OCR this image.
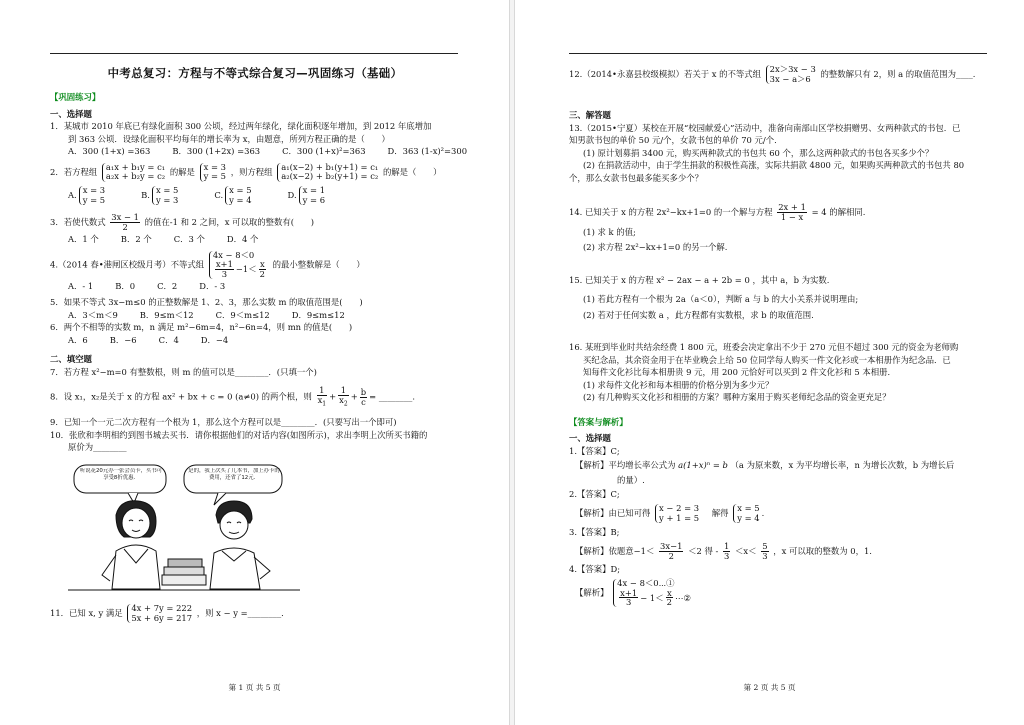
中考总复习：方程与不等式综合复习—巩固练习（基础）
【巩固练习】
一、选择题
1．某城市 2010 年底已有绿化面积 300 公顷，经过两年绿化，绿化面积逐年增加，到 2012 年底增加
到 363 公顷．设绿化面积平均每年的增长率为 x，由题意，所列方程正确的是（　　）
A．300 (1+x) =363	B．300 (1+2x) =363	C．300 (1+x)²=363	D．363 (1-x)²=300
2．若方程组
a₁x + b₁y = c₁
a₂x + b₂y = c₂ 的解是
x = 3
y = 5 ，则方程组
a₁(x−2) + b₁(y+1) = c₁
a₂(x−2) + b₂(y+1) = c₂ 的解是（　　）
A.
x = 3
y = 5	B.
x = 5
y = 3	C.
x = 5
y = 4	D.
x = 1
y = 6
3．若使代数式 $\frac{3x - 1}{2}$ 的值在-1 和 2 之间，x 可以取的整数有(　　)
A．1 个	B．2 个	C．3 个	D．4 个
4.（2014 春•港闸区校级月考）不等式组
4x − 8＜0
$\frac{x+1}{3} -1< \frac{x}{2}$ 的最小整数解是（　　）
A．- 1	B．0	C．2	D．- 3
5．如果不等式 3x−m≤0 的正整数解是 1、2、3，那么实数 m 的取值范围是(　　)
A．3＜m＜9	B．9≤m＜12	C．9＜m≤12	D．9≤m≤12
6．两个不相等的实数 m，n 满足 m²−6m=4，n²−6n=4，则 mn 的值是(　　)
A．6	B．−6	C．4	D．−4
二、填空题
7．若方程 x²−m=0 有整数根，则 m 的值可以是________．(只填一个)
8．设 x₁，x₂是关于 x 的方程 ax² + bx + c = 0 (a≠0) 的两个根，则 $\frac{1}{x_1} + \frac{1}{x_2} + \frac{b}{c}$ = ________．
9．已知一个一元二次方程有一个根为 1，那么这个方程可以是________．(只要写出一个即可)
10．张欣和李明相约到图书城去买书．请你根据他们的对话内容(如图所示)，求出李明上次所买书籍的
原价为________
听说花20元办一张会员卡，买书可享受8折优惠．
是的，我上次买了几本书，加上办卡的费用，还省了12元．
11．已知 x, y 满足
4x + 7y = 222
5x + 6y = 217 ，则 x − y =________．
第 1 页 共 5 页
12.（2014•永嘉县校级模拟）若关于 x 的不等式组
2x＞3x − 3
3x − a＞6	的整数解只有 2，则 a 的取值范围为____.
三、解答题
13.（2015•宁夏）某校在开展“校园献爱心”活动中，准备向南部山区学校捐赠男、女两种款式的书包．已
知男款书包的单价 50 元/个，女款书包的单价 70 元/个．
(1) 原计划募捐 3400 元，购买两种款式的书包共 60 个，那么这两种款式的书包各买多少个？
(2) 在捐款活动中，由于学生捐款的积极性高涨，实际共捐款 4800 元，如果购买两种款式的书包共 80
个，那么女款书包最多能买多少个？
14. 已知关于 x 的方程 2x²−kx+1=0 的一个解与方程 $\frac{2x + 1}{1 - x} = 4$ 的解相同.
(1) 求 k 的值;
(2) 求方程 2x²−kx+1=0 的另一个解.
15. 已知关于 x 的方程 x² − 2ax − a + 2b = 0 ，其中 a，b 为实数.
(1) 若此方程有一个根为 2a（a＜0），判断 a 与 b 的大小关系并说明理由;
(2) 若对于任何实数 a ，此方程都有实数根，求 b 的取值范围.
16. 某班到毕业时共结余经费 1 800 元，班委会决定拿出不少于 270 元但不超过 300 元的资金为老师购
买纪念品，其余资金用于在毕业晚会上给 50 位同学每人购买一件文化衫或一本相册作为纪念品．已
知每件文化衫比每本相册贵 9 元，用 200 元恰好可以买到 2 件文化衫和 5 本相册．
(1) 求每件文化衫和每本相册的价格分别为多少元？
(2) 有几种购买文化衫和相册的方案？哪种方案用于购买老师纪念品的资金更充足？
【答案与解析】
一、选择题
1.【答案】C;
【解析】平均增长率公式为 a(1+x)ⁿ = b （a 为原来数，x 为平均增长率，n 为增长次数，b 为增长后
的量）.
2.【答案】C;
【解析】由已知可得
x − 2 = 3
y + 1 = 5 解得
x = 5
y = 4 .
3.【答案】B;
【解析】依题意$-1< \frac{3x-1}{2} <2$ 得 - $\frac{1}{3} <x< \frac{5}{3}$ ，x 可以取的整数为 0，1.
4.【答案】D;
【解析】
4x − 8＜0⋯①
$\frac{x+1}{3} - 1< \frac{x}{2}$ ⋯②
第 2 页 共 5 页
